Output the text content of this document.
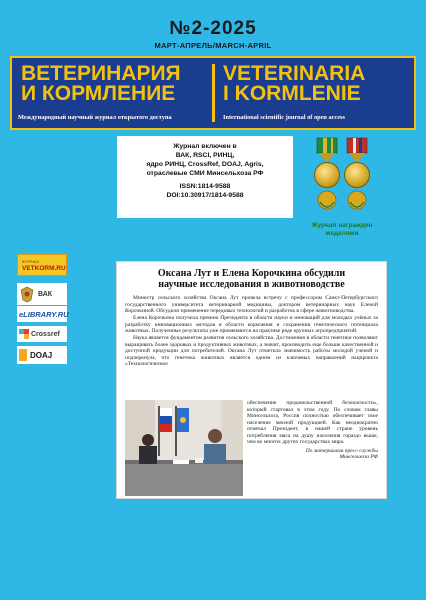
№2-2025
МАРТ-АПРЕЛЬ/MARCH-APRIL
ВЕТЕРИНАРИЯ
И КОРМЛЕНИЕ
VETERINARIA
I KORMLENIE
Международный научный журнал открытого доступа	International scientific journal of open access
Журнал включен в
ВАК, RSCI, РИНЦ,
ядро РИНЦ, CrossRef, DOAJ, Agris,
отраслевые СМИ Минсельхоза РФ
ISSN:1814-9588
DOI:10.30917/1814-9588
Журнал награжден
медалями
ЖУРНАЛ
VETKORM.RU
ВАК
eLIBRARY.RU
Crossref
DOAJ
Оксана Лут и Елена Корочкина обсудили
научные исследования в животноводстве

Министр сельского хозяйства Оксана Лут провела встречу с профессором Санкт-Петербургского государственного университета ветеринарной медицины, доктором ветеринарных наук Еленой Корочкиной. Обсудили применение передовых технологий и разработок в сфере животноводства.

Елена Корочкина получила премию Президента в области науки и инноваций для молодых учёных за разработку инновационных методов в области кормления и сохранения генетического потенциала животных. Полученные результаты уже применяются на практике ряде крупных агропредприятий.

Наука является фундаментом развития сельского хозяйства. Достижения в области генетики позволяют выращивать более здоровых и продуктивных животных, а значит, производить еще больше качественной и доступной продукции для потребителей. Оксана Лут отметила значимость работы молодой ученой и подчеркнула, что генетика животных является одним из ключевых направлений нацпроекта «Технологическое

обеспечение продовольственной безопасности», который стартовал в этом году. По словам главы Минсельхоза, Россия полностью обеспечивает свое население мясной продукцией. Как неоднократно отмечал Президент, в нашей стране уровень потребления мяса на душу населения гораздо выше, чем во многих других государствах мира.
По материалам пресс-службы
Минсельхоза РФ
